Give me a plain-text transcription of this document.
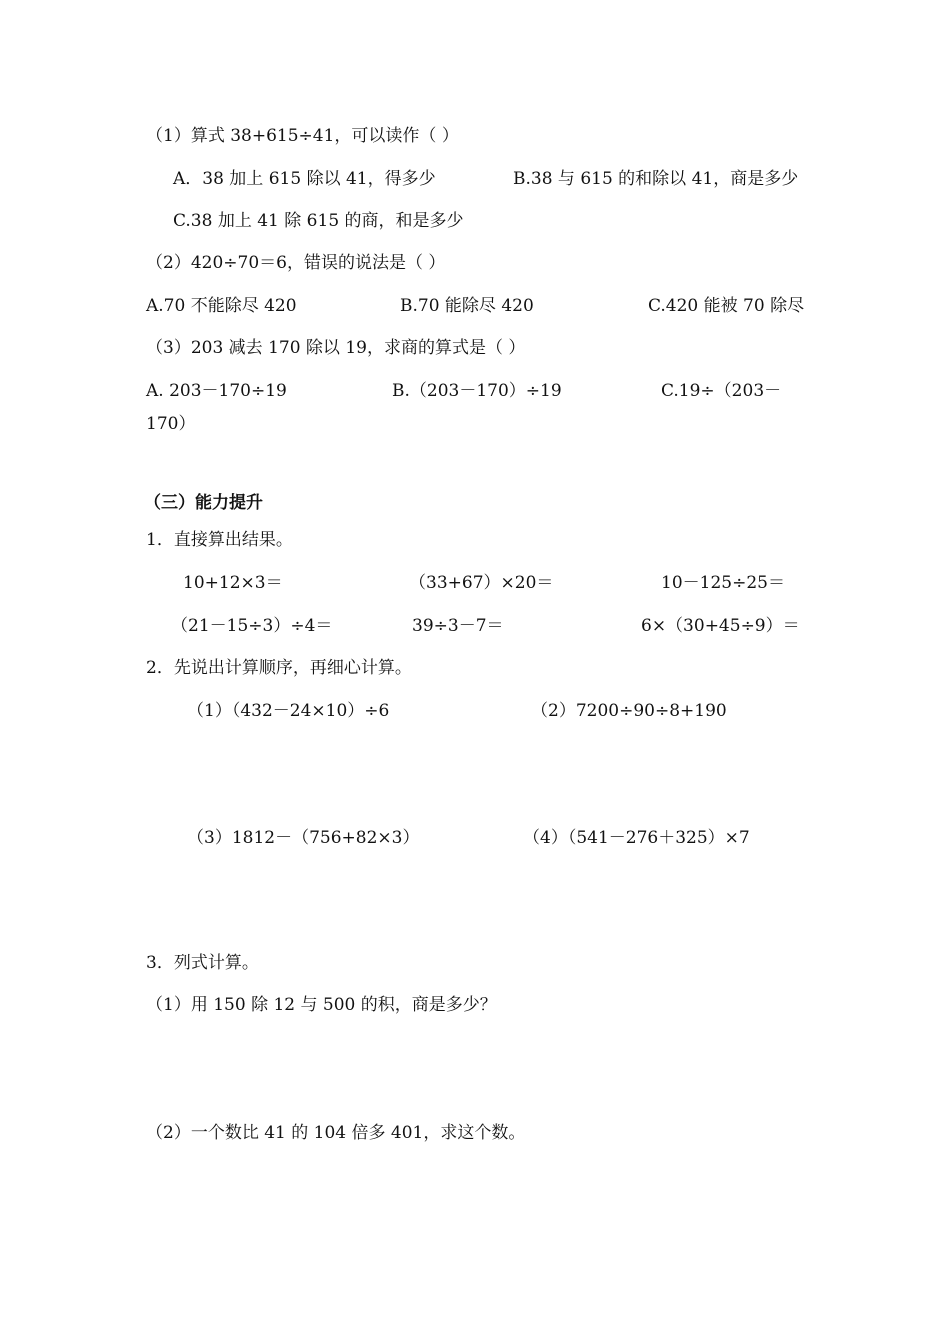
（1）算式 38+615÷41，可以读作（ ）
A．38 加上 615 除以 41，得多少	B.38 与 615 的和除以 41，商是多少
C.38 加上 41 除 615 的商，和是多少
（2）420÷70＝6，错误的说法是（ ）
A.70 不能除尽 420	B.70 能除尽 420	C.420 能被 70 除尽
（3）203 减去 170 除以 19，求商的算式是（ ）
A. 203－170÷19	B.（203－170）÷19	C.19÷（203－
170）
（三）能力提升
1．直接算出结果。
10+12×3＝	（33+67）×20＝	10－125÷25＝
（21－15÷3）÷4＝	39÷3－7＝	6×（30+45÷9）＝
2．先说出计算顺序，再细心计算。
（1）（432－24×10）÷6	（2）7200÷90÷8+190
（3）1812－（756+82×3）	（4）（541－276＋325）×7
3．列式计算。
（1）用 150 除 12 与 500 的积，商是多少？
（2）一个数比 41 的 104 倍多 401，求这个数。
